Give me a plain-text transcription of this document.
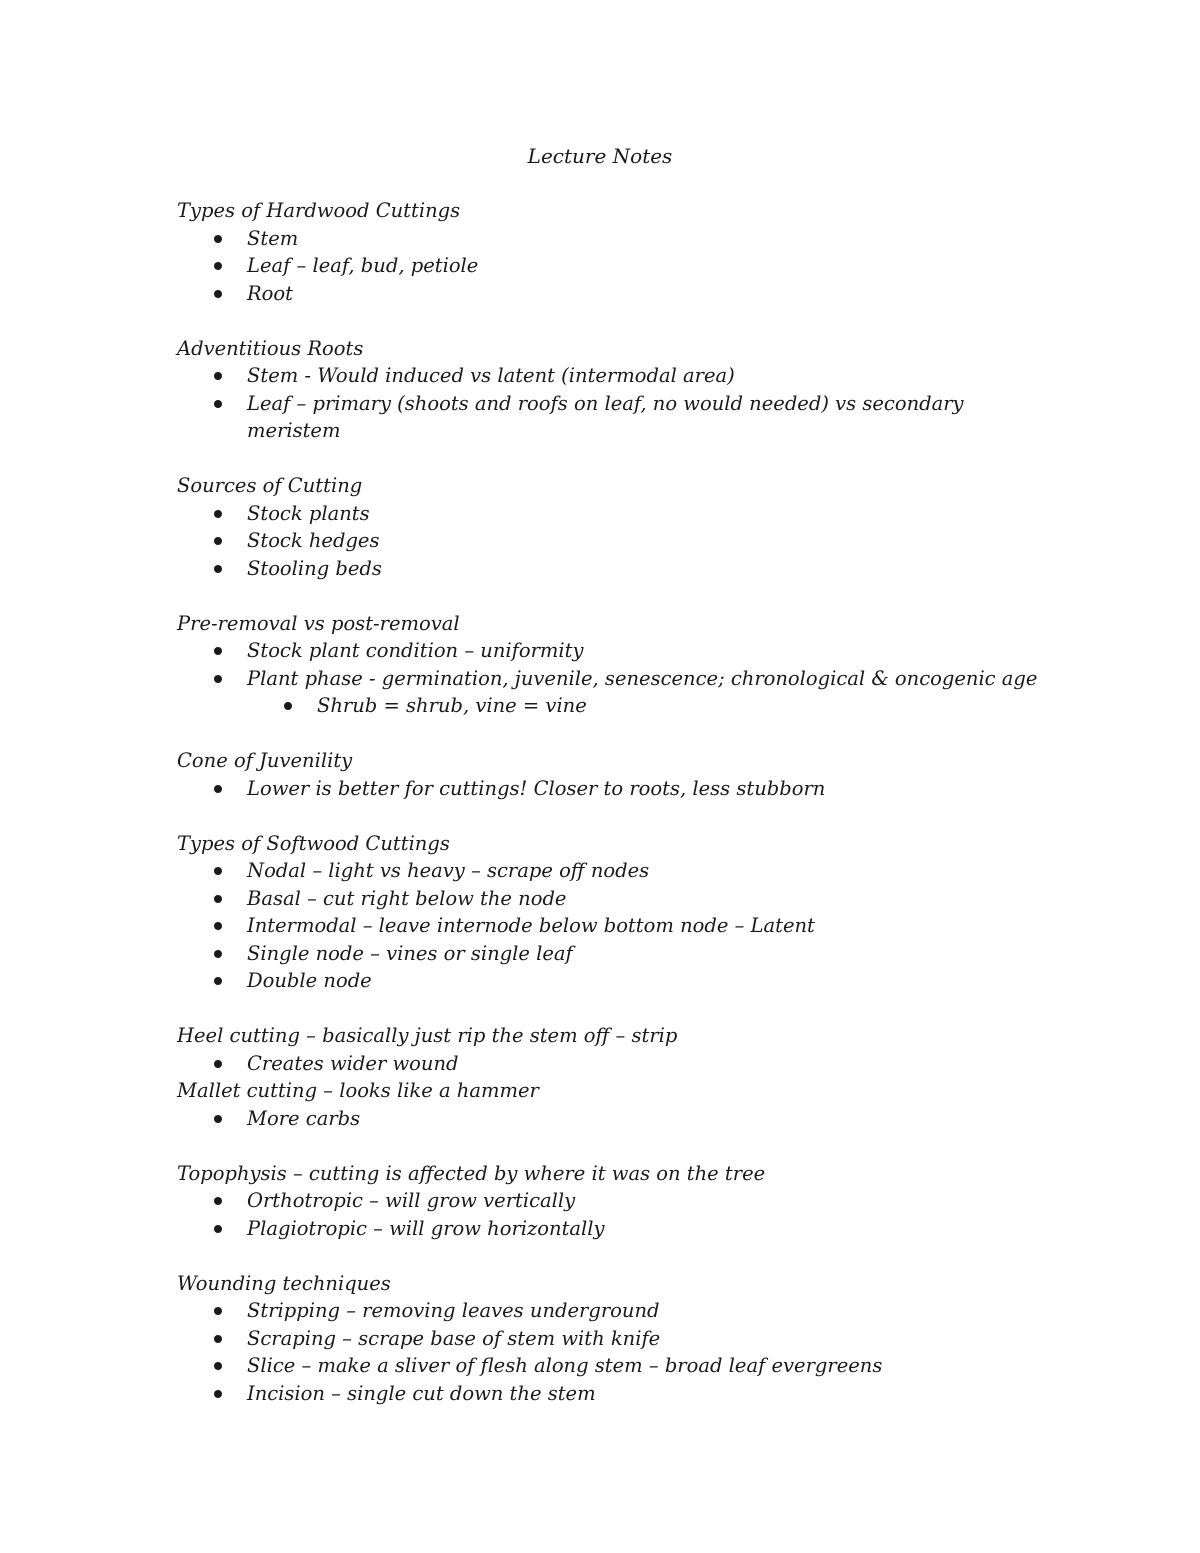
Lecture Notes

Types of Hardwood Cuttings

Stem
Leaf – leaf, bud, petiole
Root

Adventitious Roots

Stem - Would induced vs latent (intermodal area)
Leaf – primary (shoots and roofs on leaf, no would needed) vs secondary meristem

Sources of Cutting

Stock plants
Stock hedges
Stooling beds

Pre-removal vs post-removal

Stock plant condition – uniformity
Plant phase - germination, juvenile, senescence; chronological & oncogenic age
Shrub = shrub, vine = vine

Cone of Juvenility

Lower is better for cuttings! Closer to roots, less stubborn

Types of Softwood Cuttings

Nodal – light vs heavy – scrape off nodes
Basal – cut right below the node
Intermodal – leave internode below bottom node – Latent
Single node – vines or single leaf
Double node

Heel cutting – basically just rip the stem off – strip

Creates wider wound

Mallet cutting – looks like a hammer

More carbs

Topophysis – cutting is affected by where it was on the tree

Orthotropic – will grow vertically
Plagiotropic – will grow horizontally

Wounding techniques

Stripping – removing leaves underground
Scraping – scrape base of stem with knife
Slice – make a sliver of flesh along stem – broad leaf evergreens
Incision – single cut down the stem
